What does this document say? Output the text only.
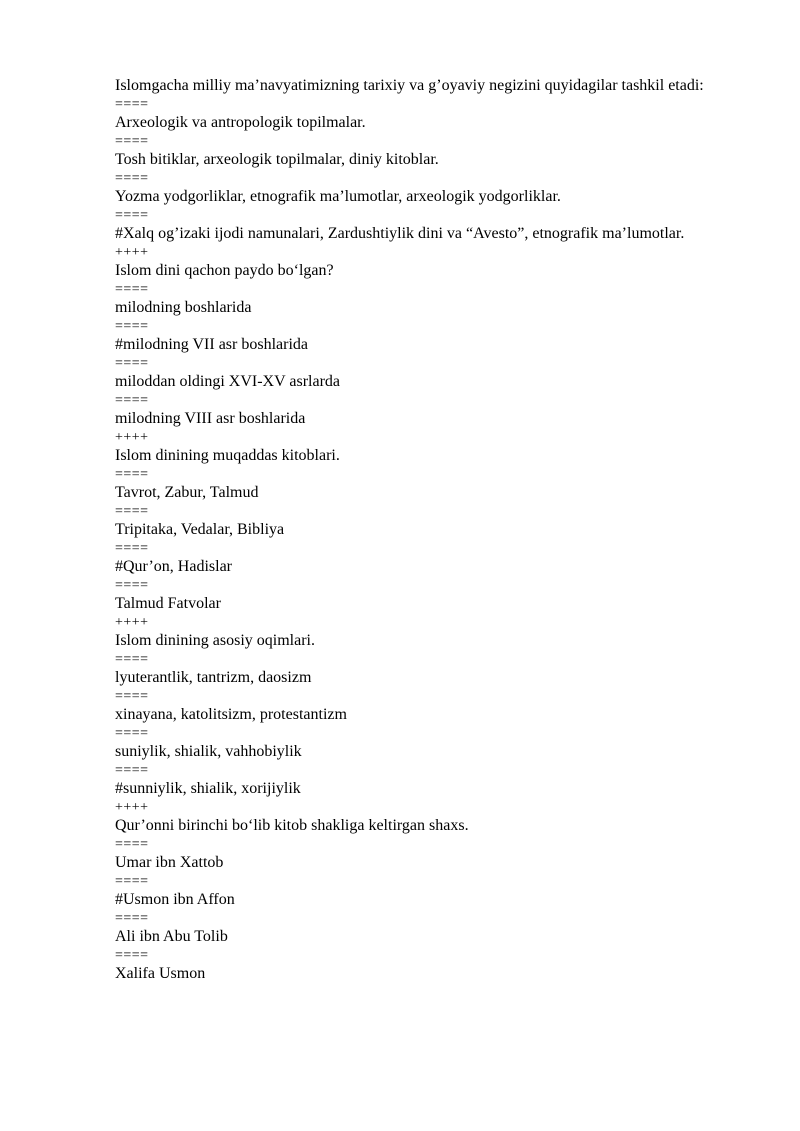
Islomgacha milliy ma’navyatimizning tarixiy va g’oyaviy negizini quyidagilar tashkil etadi:
====
Arxeologik va antropologik topilmalar.
====
Tosh bitiklar, arxeologik topilmalar, diniy kitoblar.
====
Yozma yodgorliklar, etnografik ma’lumotlar, arxeologik yodgorliklar.
====
#Xalq og’izaki ijodi namunalari, Zardushtiylik dini va “Avesto”, etnografik ma’lumotlar.
++++
Islom dini qachon paydo bo‘lgan?
====
milodning boshlarida
====
#milodning VII asr boshlarida
====
miloddan oldingi XVI-XV asrlarda
====
milodning VIII asr boshlarida
++++
Islom dinining muqaddas kitoblari.
====
Tavrot, Zabur, Talmud
====
Tripitaka, Vedalar, Bibliya
====
#Qur’on, Hadislar
====
Talmud Fatvolar
++++
Islom dinining asosiy oqimlari.
====
lyuterantlik, tantrizm, daosizm
====
xinayana, katolitsizm, protestantizm
====
suniylik, shialik, vahhobiylik
====
#sunniylik, shialik, xorijiylik
++++
Qur’onni birinchi bo‘lib kitob shakliga keltirgan shaxs.
====
Umar ibn Xattob
====
#Usmon ibn Affon
====
Ali ibn Abu Tolib
====
Xalifa Usmon
